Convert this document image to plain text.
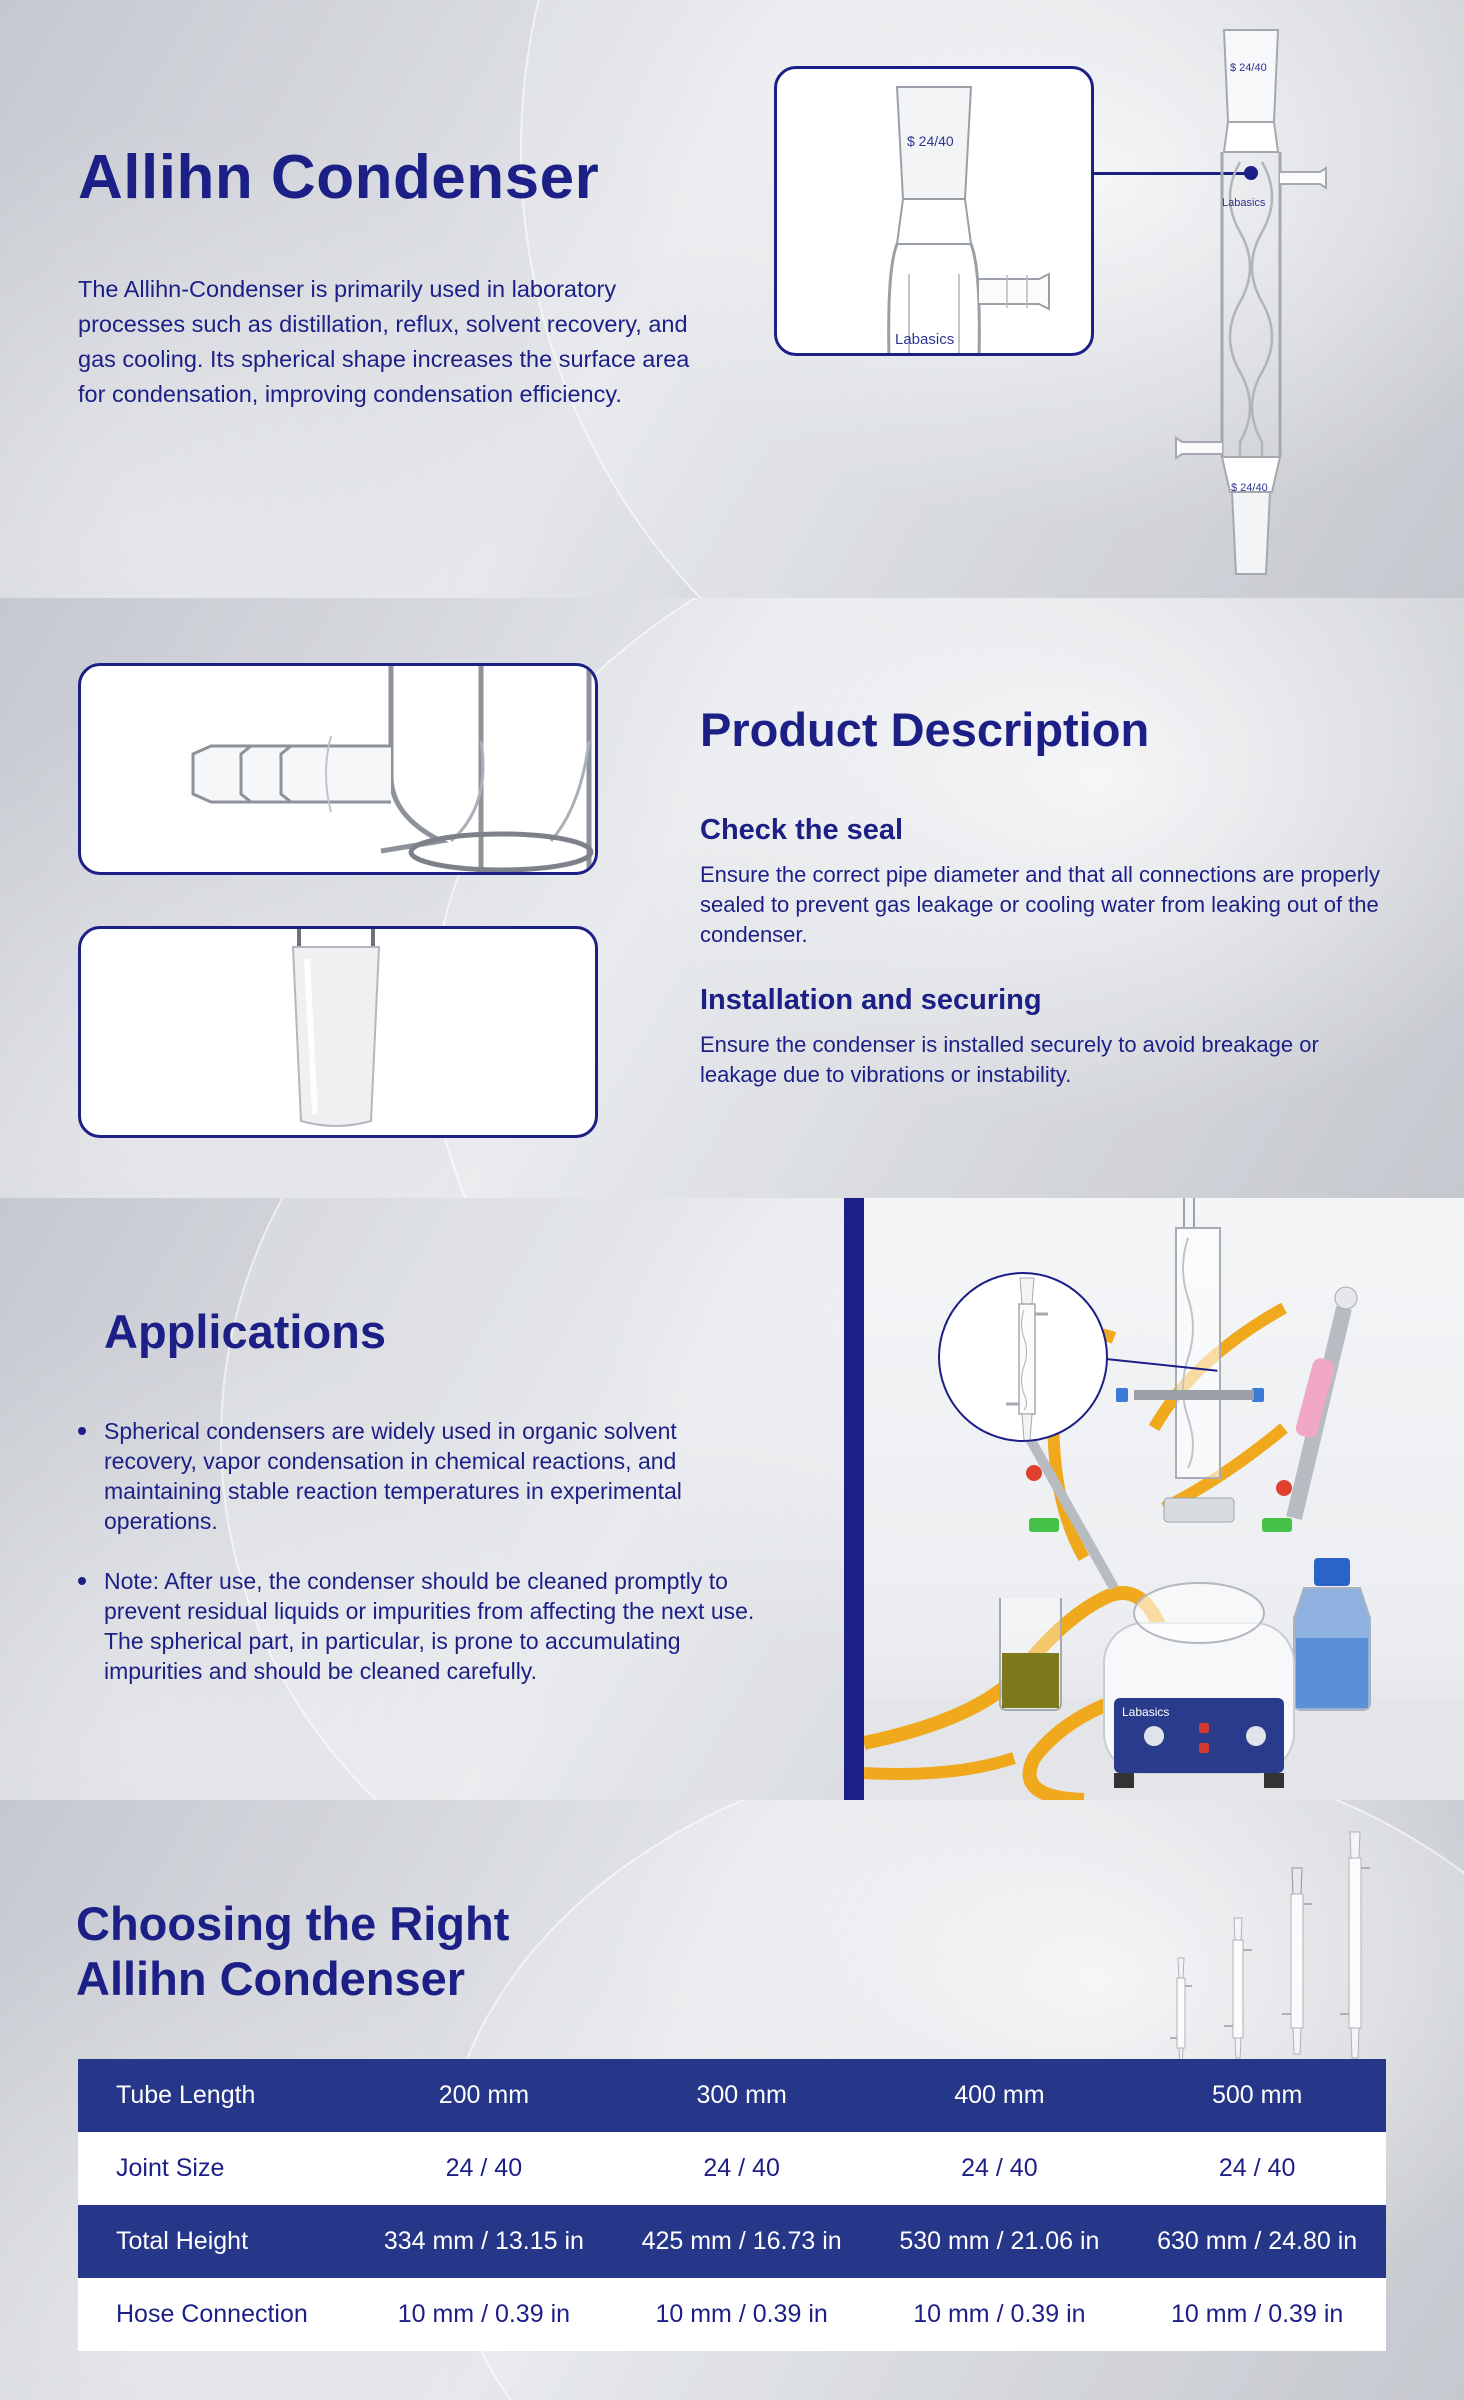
Allihn Condenser

The Allihn-Condenser is primarily used in laboratory processes such as distillation, reflux, solvent recovery, and gas cooling. Its spherical shape increases the surface area for condensation, improving condensation efficiency.

$ 24/40
Labasics
$ 24/40
Labasics
$ 24/40
Product Description
Check the seal

Ensure the correct pipe diameter and that all connections are properly sealed to prevent gas leakage or cooling water from leaking out of the condenser.

Installation and securing

Ensure the condenser is installed securely to avoid breakage or leakage due to vibrations or instability.

Applications
Spherical condensers are widely used in organic solvent recovery, vapor condensation in chemical reactions, and maintaining stable reaction temperatures in experimental operations.
Note: After use, the condenser should be cleaned promptly to prevent residual liquids or impurities from affecting the next use. The spherical part, in particular, is prone to accumulating impurities and should be cleaned carefully.
Labasics
Choosing the Right
Allihn Condenser
Tube Length	200 mm	300 mm	400 mm	500 mm
Joint Size	24 / 40	24 / 40	24 / 40	24 / 40
Total Height	334 mm / 13.15 in	425 mm / 16.73 in	530 mm / 21.06 in	630 mm / 24.80 in
Hose Connection	10 mm / 0.39 in	10 mm / 0.39 in	10 mm / 0.39 in	10 mm / 0.39 in
